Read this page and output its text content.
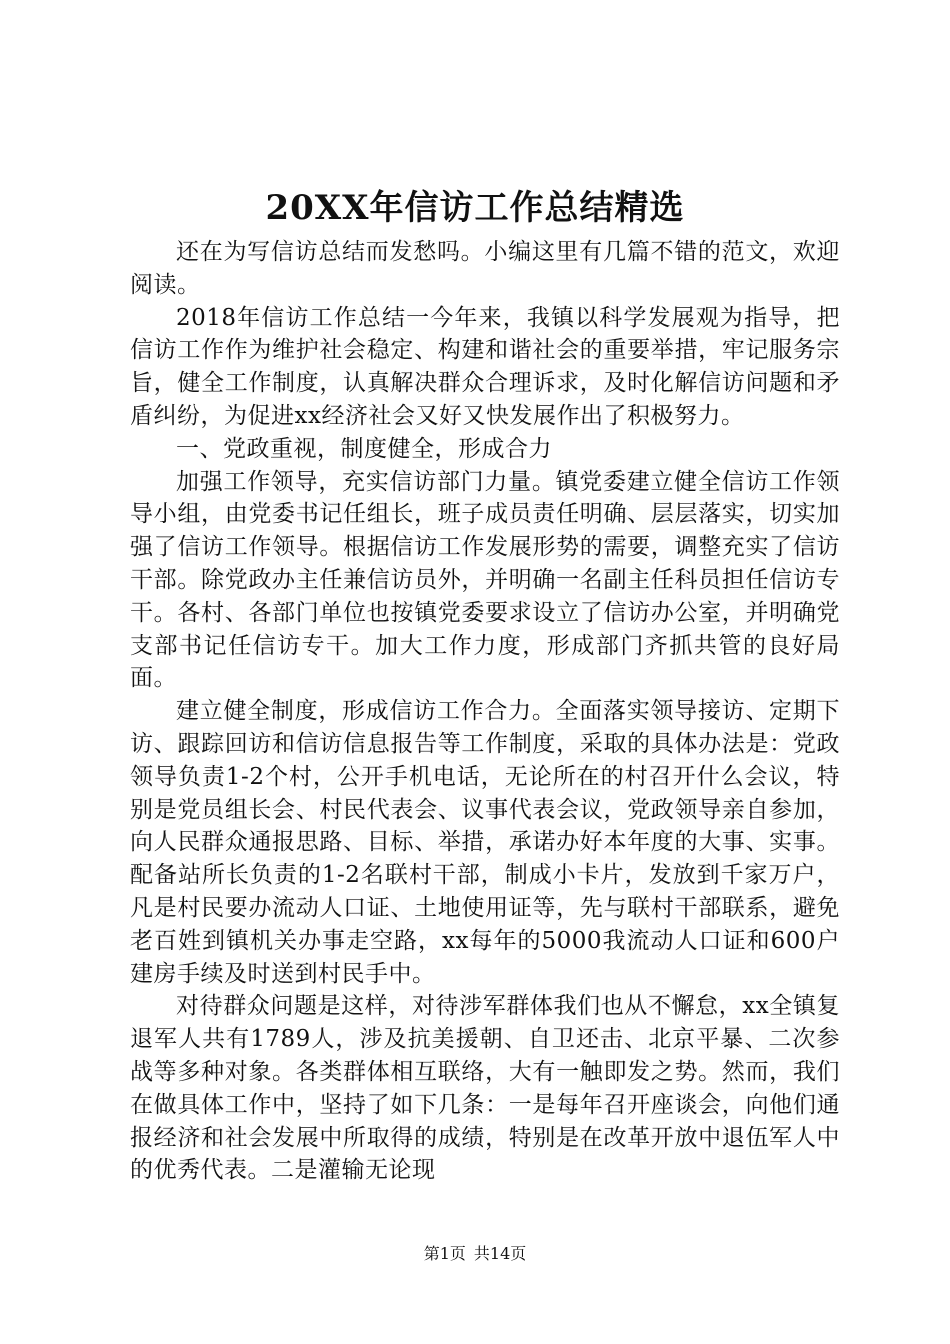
20XX年信访工作总结精选

还在为写信访总结而发愁吗。小编这里有几篇不错的范文，欢迎阅读。

2018年信访工作总结一今年来，我镇以科学发展观为指导，把信访工作作为维护社会稳定、构建和谐社会的重要举措，牢记服务宗旨，健全工作制度，认真解决群众合理诉求，及时化解信访问题和矛盾纠纷，为促进xx经济社会又好又快发展作出了积极努力。

一、党政重视，制度健全，形成合力

加强工作领导，充实信访部门力量。镇党委建立健全信访工作领导小组，由党委书记任组长，班子成员责任明确、层层落实，切实加强了信访工作领导。根据信访工作发展形势的需要，调整充实了信访干部。除党政办主任兼信访员外，并明确一名副主任科员担任信访专干。各村、各部门单位也按镇党委要求设立了信访办公室，并明确党支部书记任信访专干。加大工作力度，形成部门齐抓共管的良好局面。

建立健全制度，形成信访工作合力。全面落实领导接访、定期下访、跟踪回访和信访信息报告等工作制度，采取的具体办法是：党政领导负责1-2个村，公开手机电话，无论所在的村召开什么会议，特别是党员组长会、村民代表会、议事代表会议，党政领导亲自参加，向人民群众通报思路、目标、举措，承诺办好本年度的大事、实事。配备站所长负责的1-2名联村干部，制成小卡片，发放到千家万户，凡是村民要办流动人口证、土地使用证等，先与联村干部联系，避免老百姓到镇机关办事走空路，xx每年的5000我流动人口证和600户建房手续及时送到村民手中。

对待群众问题是这样，对待涉军群体我们也从不懈怠，xx全镇复退军人共有1789人，涉及抗美援朝、自卫还击、北京平暴、二次参战等多种对象。各类群体相互联络，大有一触即发之势。然而，我们在做具体工作中，坚持了如下几条：一是每年召开座谈会，向他们通报经济和社会发展中所取得的成绩，特别是在改革开放中退伍军人中的优秀代表。二是灌输无论现

第1页 共14页
